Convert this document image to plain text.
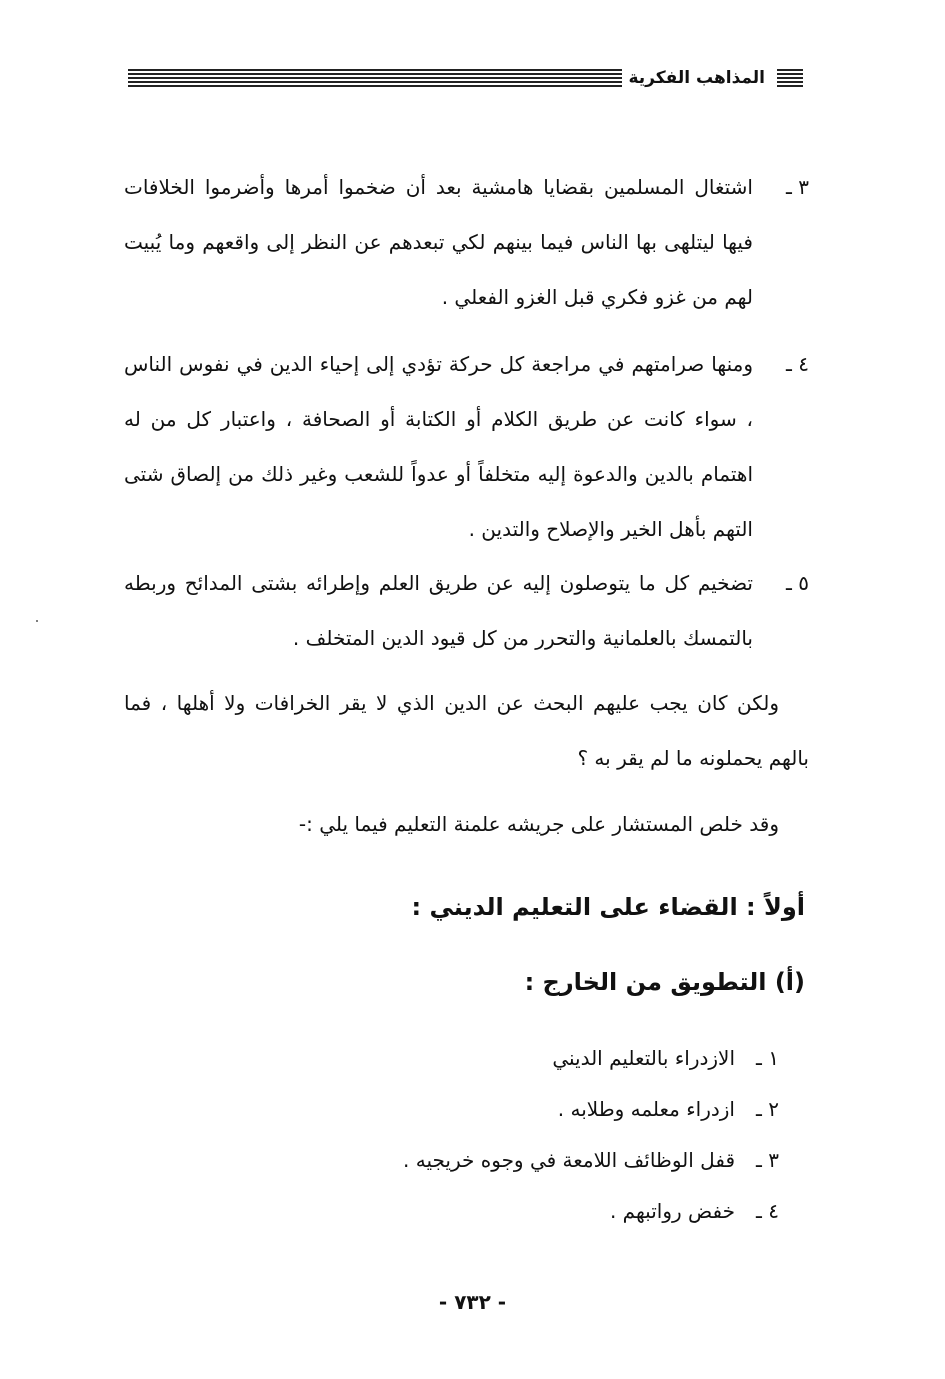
المذاهب الفكرية
٣ ـ
اشتغال المسلمين بقضايا هامشية بعد أن ضخموا أمرها وأضرموا الخلافات فيها ليتلهى بها الناس فيما بينهم لكي تبعدهم عن النظر إلى واقعهم وما يُبيت لهم من غزو فكري قبل الغزو الفعلي .
٤ ـ
ومنها صرامتهم في مراجعة كل حركة تؤدي إلى إحياء الدين في نفوس الناس ، سواء كانت عن طريق الكلام أو الكتابة أو الصحافة ، واعتبار كل من له اهتمام بالدين والدعوة إليه متخلفاً أو عدواً للشعب وغير ذلك من إلصاق شتى التهم بأهل الخير والإصلاح والتدين .
٥ ـ
تضخيم كل ما يتوصلون إليه عن طريق العلم وإطرائه بشتى المدائح وربطه بالتمسك بالعلمانية والتحرر من كل قيود الدين المتخلف .
ولكن كان يجب عليهم البحث عن الدين الذي لا يقر الخرافات ولا أهلها ، فما بالهم يحملونه ما لم يقر به ؟
وقد خلص المستشار على جريشه علمنة التعليم فيما يلي :-
أولاً : القضاء على التعليم الديني :
(أ) التطويق من الخارج :
١ ـ
الازدراء بالتعليم الديني
٢ ـ
ازدراء معلمه وطلابه .
٣ ـ
قفل الوظائف اللامعة في وجوه خريجيه .
٤ ـ
خفض رواتبهم .
- ٧٣٢ -
